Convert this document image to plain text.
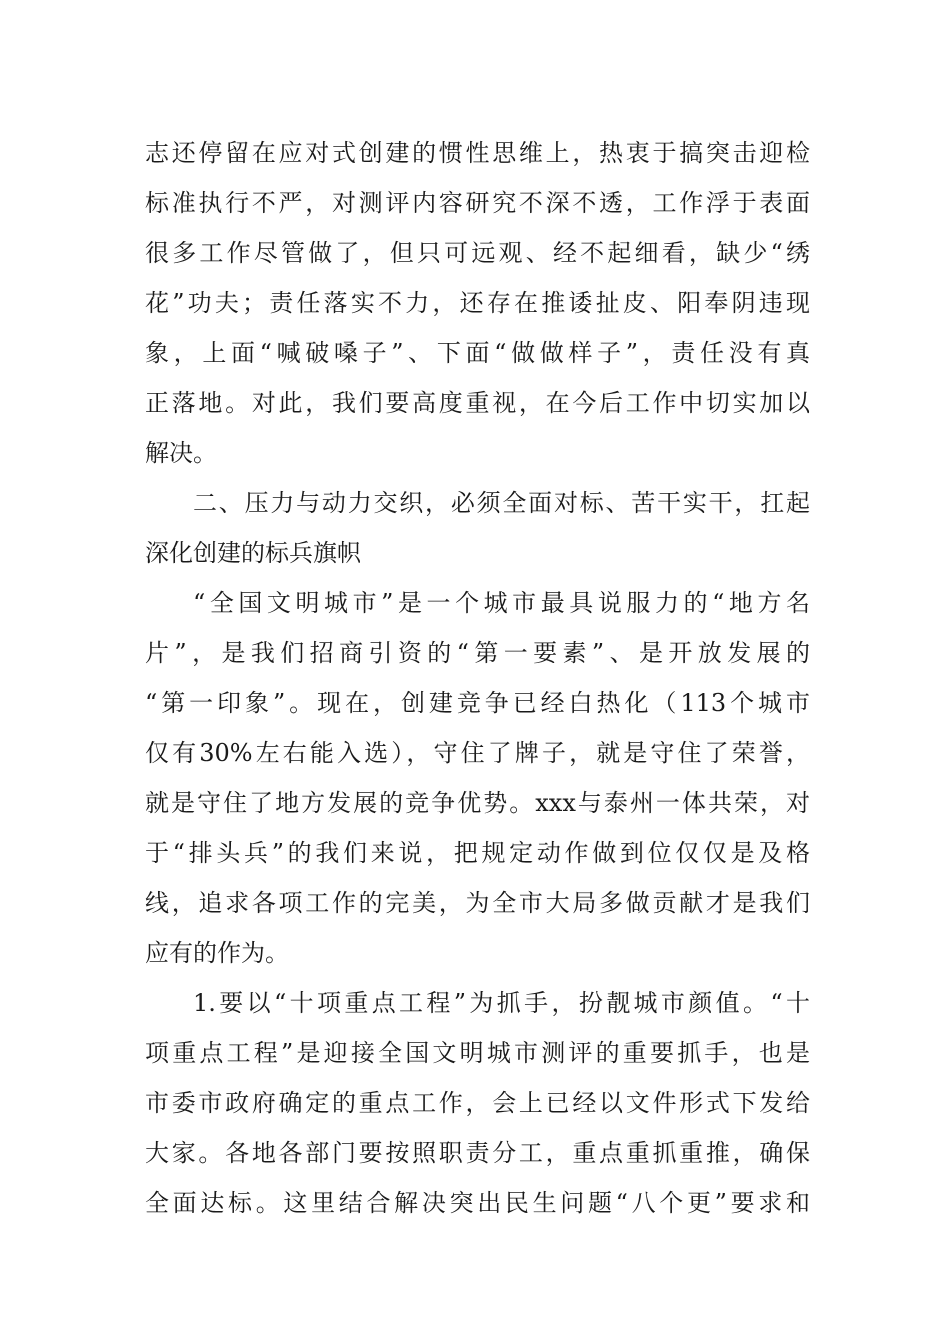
志还停留在应对式创建的惯性思维上，热衷于搞突击迎检
标准执行不严，对测评内容研究不深不透，工作浮于表面
很多工作尽管做了，但只可远观、经不起细看，缺少“绣
花”功夫；责任落实不力，还存在推诿扯皮、阳奉阴违现
象，上面“喊破嗓子”、下面“做做样子”，责任没有真
正落地。对此，我们要高度重视，在今后工作中切实加以
解决。
二、压力与动力交织，必须全面对标、苦干实干，扛起
深化创建的标兵旗帜
“全国文明城市”是一个城市最具说服力的“地方名
片”，是我们招商引资的“第一要素”、是开放发展的
“第一印象”。现在，创建竞争已经白热化（113个城市
仅有30%左右能入选），守住了牌子，就是守住了荣誉，
就是守住了地方发展的竞争优势。xxx与泰州一体共荣，对
于“排头兵”的我们来说，把规定动作做到位仅仅是及格
线，追求各项工作的完美，为全市大局多做贡献才是我们
应有的作为。
1.要以“十项重点工程”为抓手，扮靓城市颜值。“十
项重点工程”是迎接全国文明城市测评的重要抓手，也是
市委市政府确定的重点工作，会上已经以文件形式下发给
大家。各地各部门要按照职责分工，重点重抓重推，确保
全面达标。这里结合解决突出民生问题“八个更”要求和
